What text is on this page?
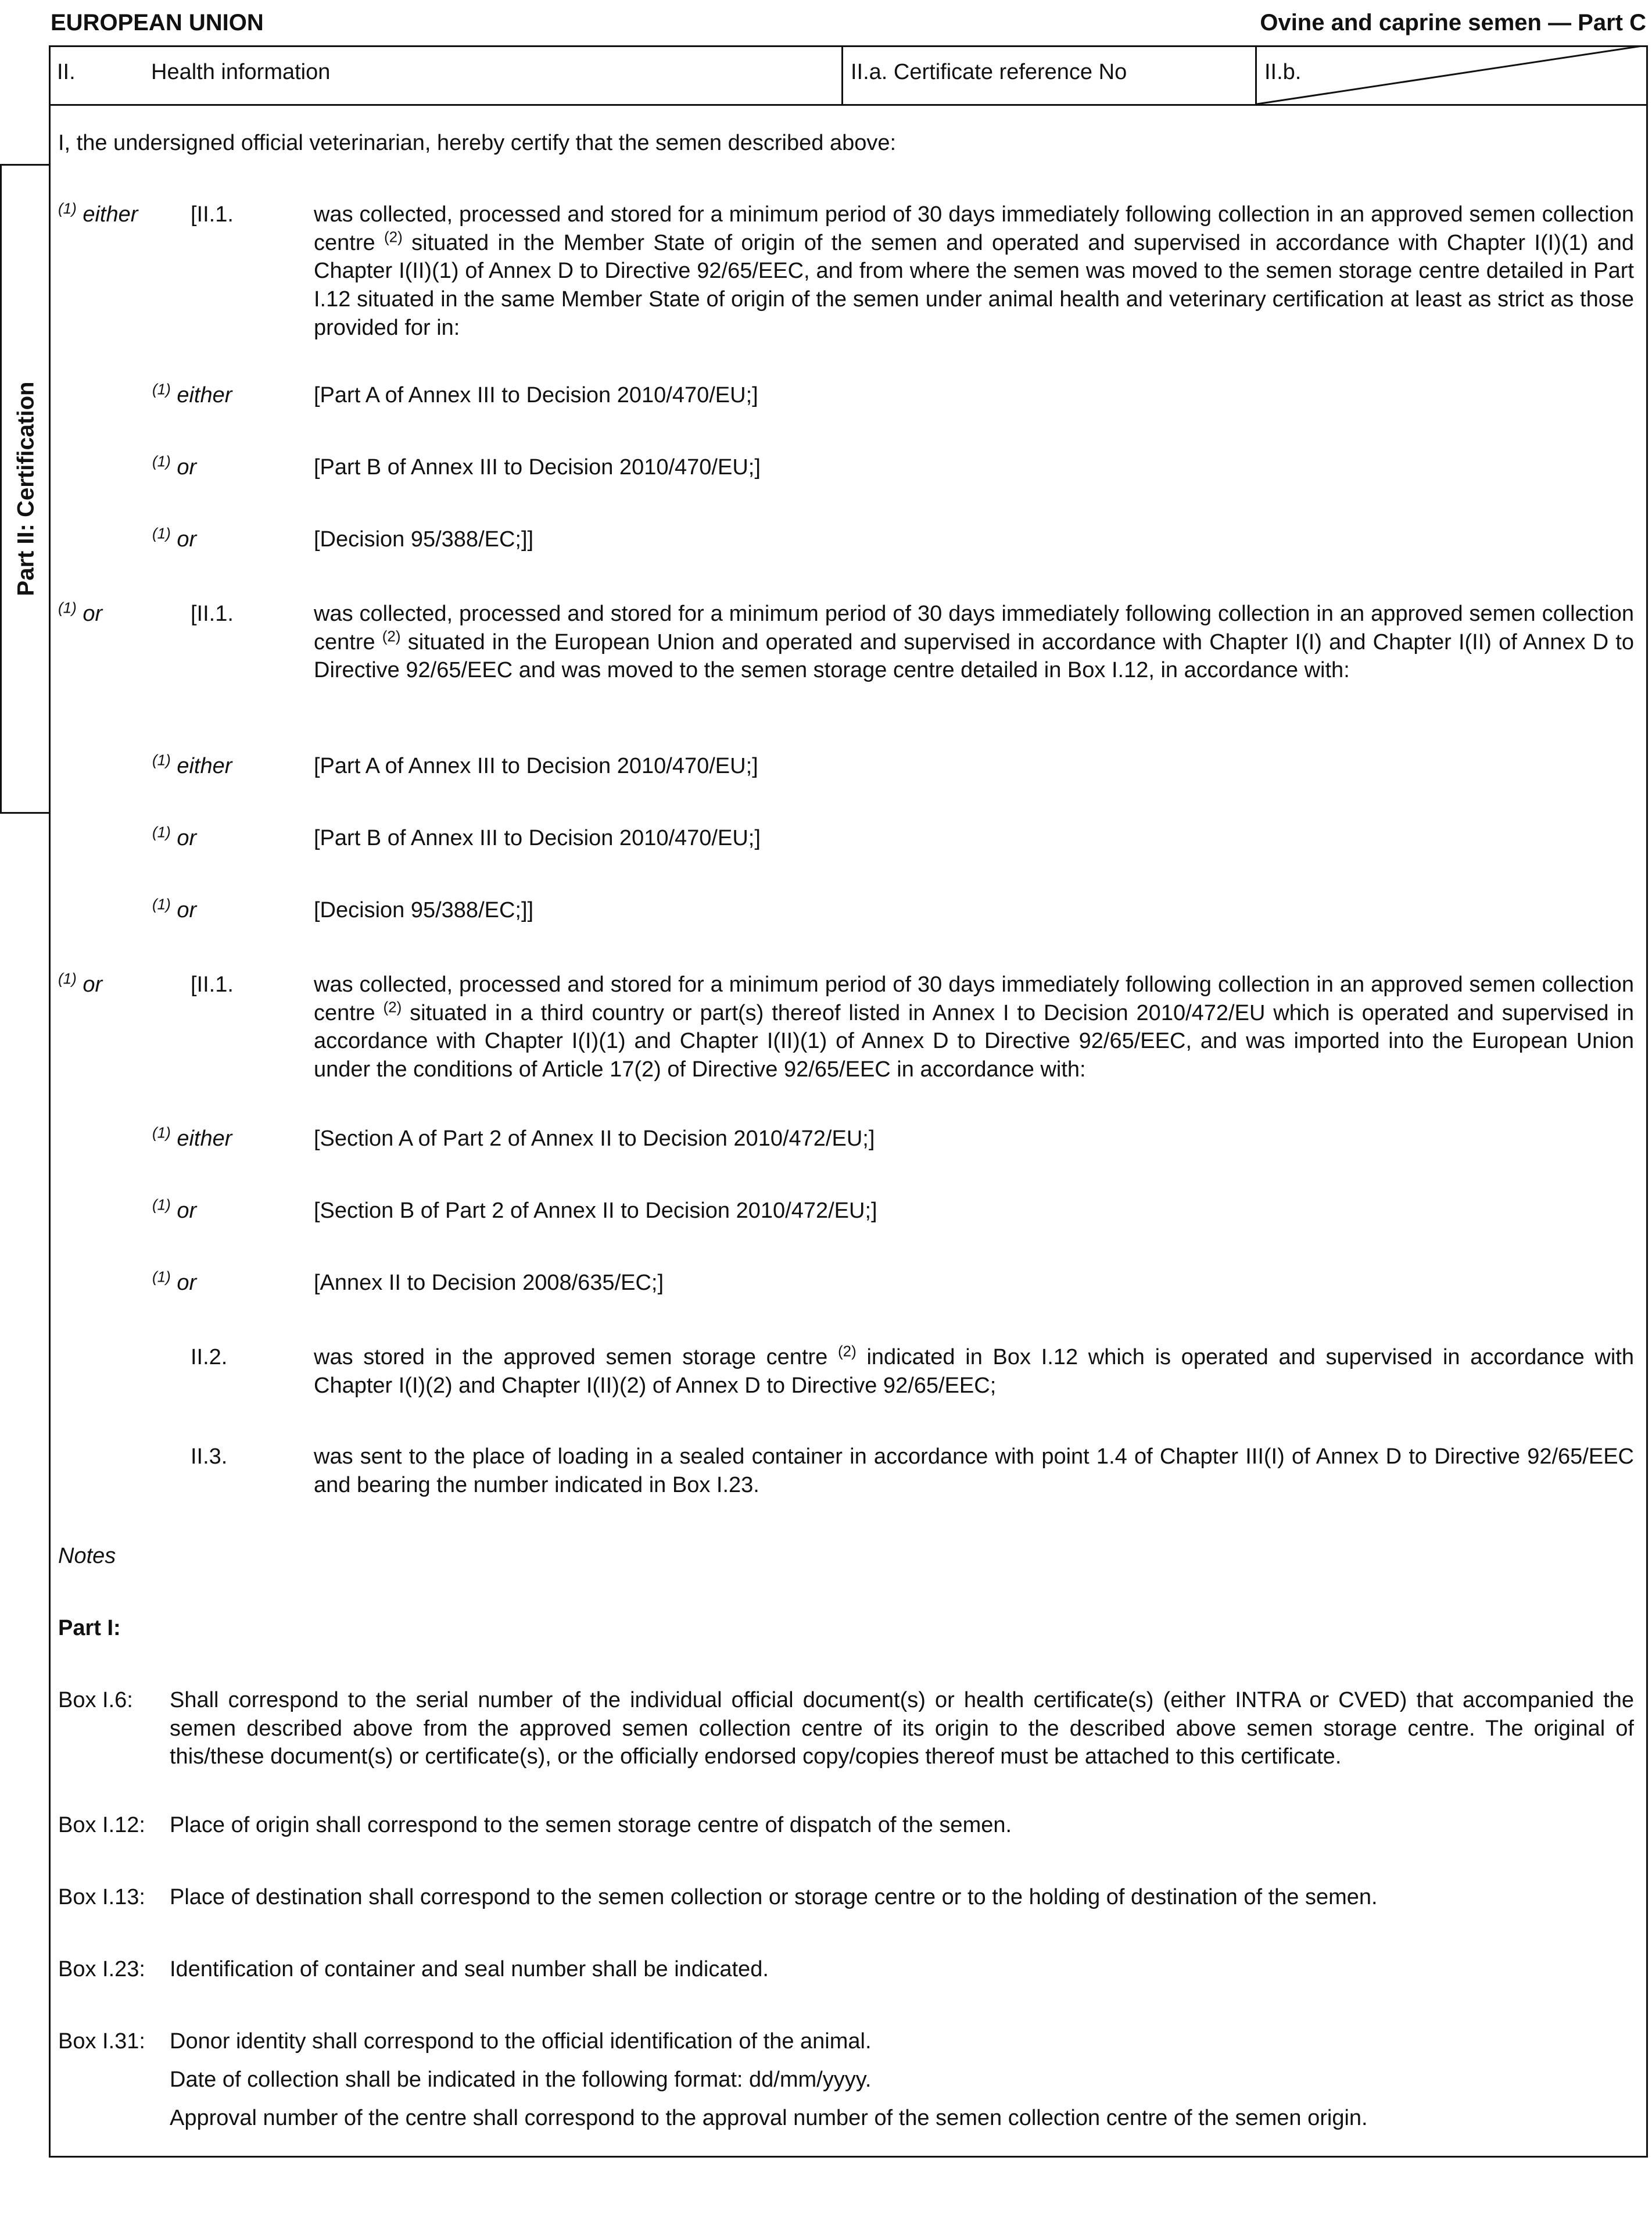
EUROPEAN UNION	Ovine and caprine semen — Part C
II.	Health information	II.a. Certificate reference No	II.b.
Part II: Certification
I, the undersigned official veterinarian, hereby certify that the semen described above:
$^{(1)}$ either [II.1.	was collected, processed and stored for a minimum period of 30 days immediately following collection in an approved semen collection centre $^{(2)}$ situated in the Member State of origin of the semen and operated and supervised in accordance with Chapter I(I)(1) and Chapter I(II)(1) of Annex D to Directive 92/65/EEC, and from where the semen was moved to the semen storage centre detailed in Part I.12 situated in the same Member State of origin of the semen under animal health and veterinary certification at least as strict as those provided for in:
$^{(1)}$ either	[Part A of Annex III to Decision 2010/470/EU;]
$^{(1)}$ or	[Part B of Annex III to Decision 2010/470/EU;]
$^{(1)}$ or	[Decision 95/388/EC;]]
$^{(1)}$ or	[II.1.	was collected, processed and stored for a minimum period of 30 days immediately following collection in an approved semen collection centre $^{(2)}$ situated in the European Union and operated and supervised in accordance with Chapter I(I) and Chapter I(II) of Annex D to Directive 92/65/EEC and was moved to the semen storage centre detailed in Box I.12, in accordance with:
$^{(1)}$ either	[Part A of Annex III to Decision 2010/470/EU;]
$^{(1)}$ or	[Part B of Annex III to Decision 2010/470/EU;]
$^{(1)}$ or	[Decision 95/388/EC;]]
$^{(1)}$ or	[II.1.	was collected, processed and stored for a minimum period of 30 days immediately following collection in an approved semen collection centre $^{(2)}$ situated in a third country or part(s) thereof listed in Annex I to Decision 2010/472/EU which is operated and supervised in accordance with Chapter I(I)(1) and Chapter I(II)(1) of Annex D to Directive 92/65/EEC, and was imported into the European Union under the conditions of Article 17(2) of Directive 92/65/EEC in accordance with:
$^{(1)}$ either	[Section A of Part 2 of Annex II to Decision 2010/472/EU;]
$^{(1)}$ or	[Section B of Part 2 of Annex II to Decision 2010/472/EU;]
$^{(1)}$ or	[Annex II to Decision 2008/635/EC;]
II.2.	was stored in the approved semen storage centre $^{(2)}$ indicated in Box I.12 which is operated and supervised in accordance with Chapter I(I)(2) and Chapter I(II)(2) of Annex D to Directive 92/65/EEC;
II.3.	was sent to the place of loading in a sealed container in accordance with point 1.4 of Chapter III(I) of Annex D to Directive 92/65/EEC and bearing the number indicated in Box I.23.
Notes
Part I:
Box I.6: Shall correspond to the serial number of the individual official document(s) or health certificate(s) (either INTRA or CVED) that accompanied the semen described above from the approved semen collection centre of its origin to the described above semen storage centre. The original of this/these document(s) or certificate(s), or the officially endorsed copy/copies thereof must be attached to this certificate.
Box I.12: Place of origin shall correspond to the semen storage centre of dispatch of the semen.
Box I.13: Place of destination shall correspond to the semen collection or storage centre or to the holding of destination of the semen.
Box I.23: Identification of container and seal number shall be indicated.
Box I.31: Donor identity shall correspond to the official identification of the animal.
Date of collection shall be indicated in the following format: dd/mm/yyyy.
Approval number of the centre shall correspond to the approval number of the semen collection centre of the semen origin.
